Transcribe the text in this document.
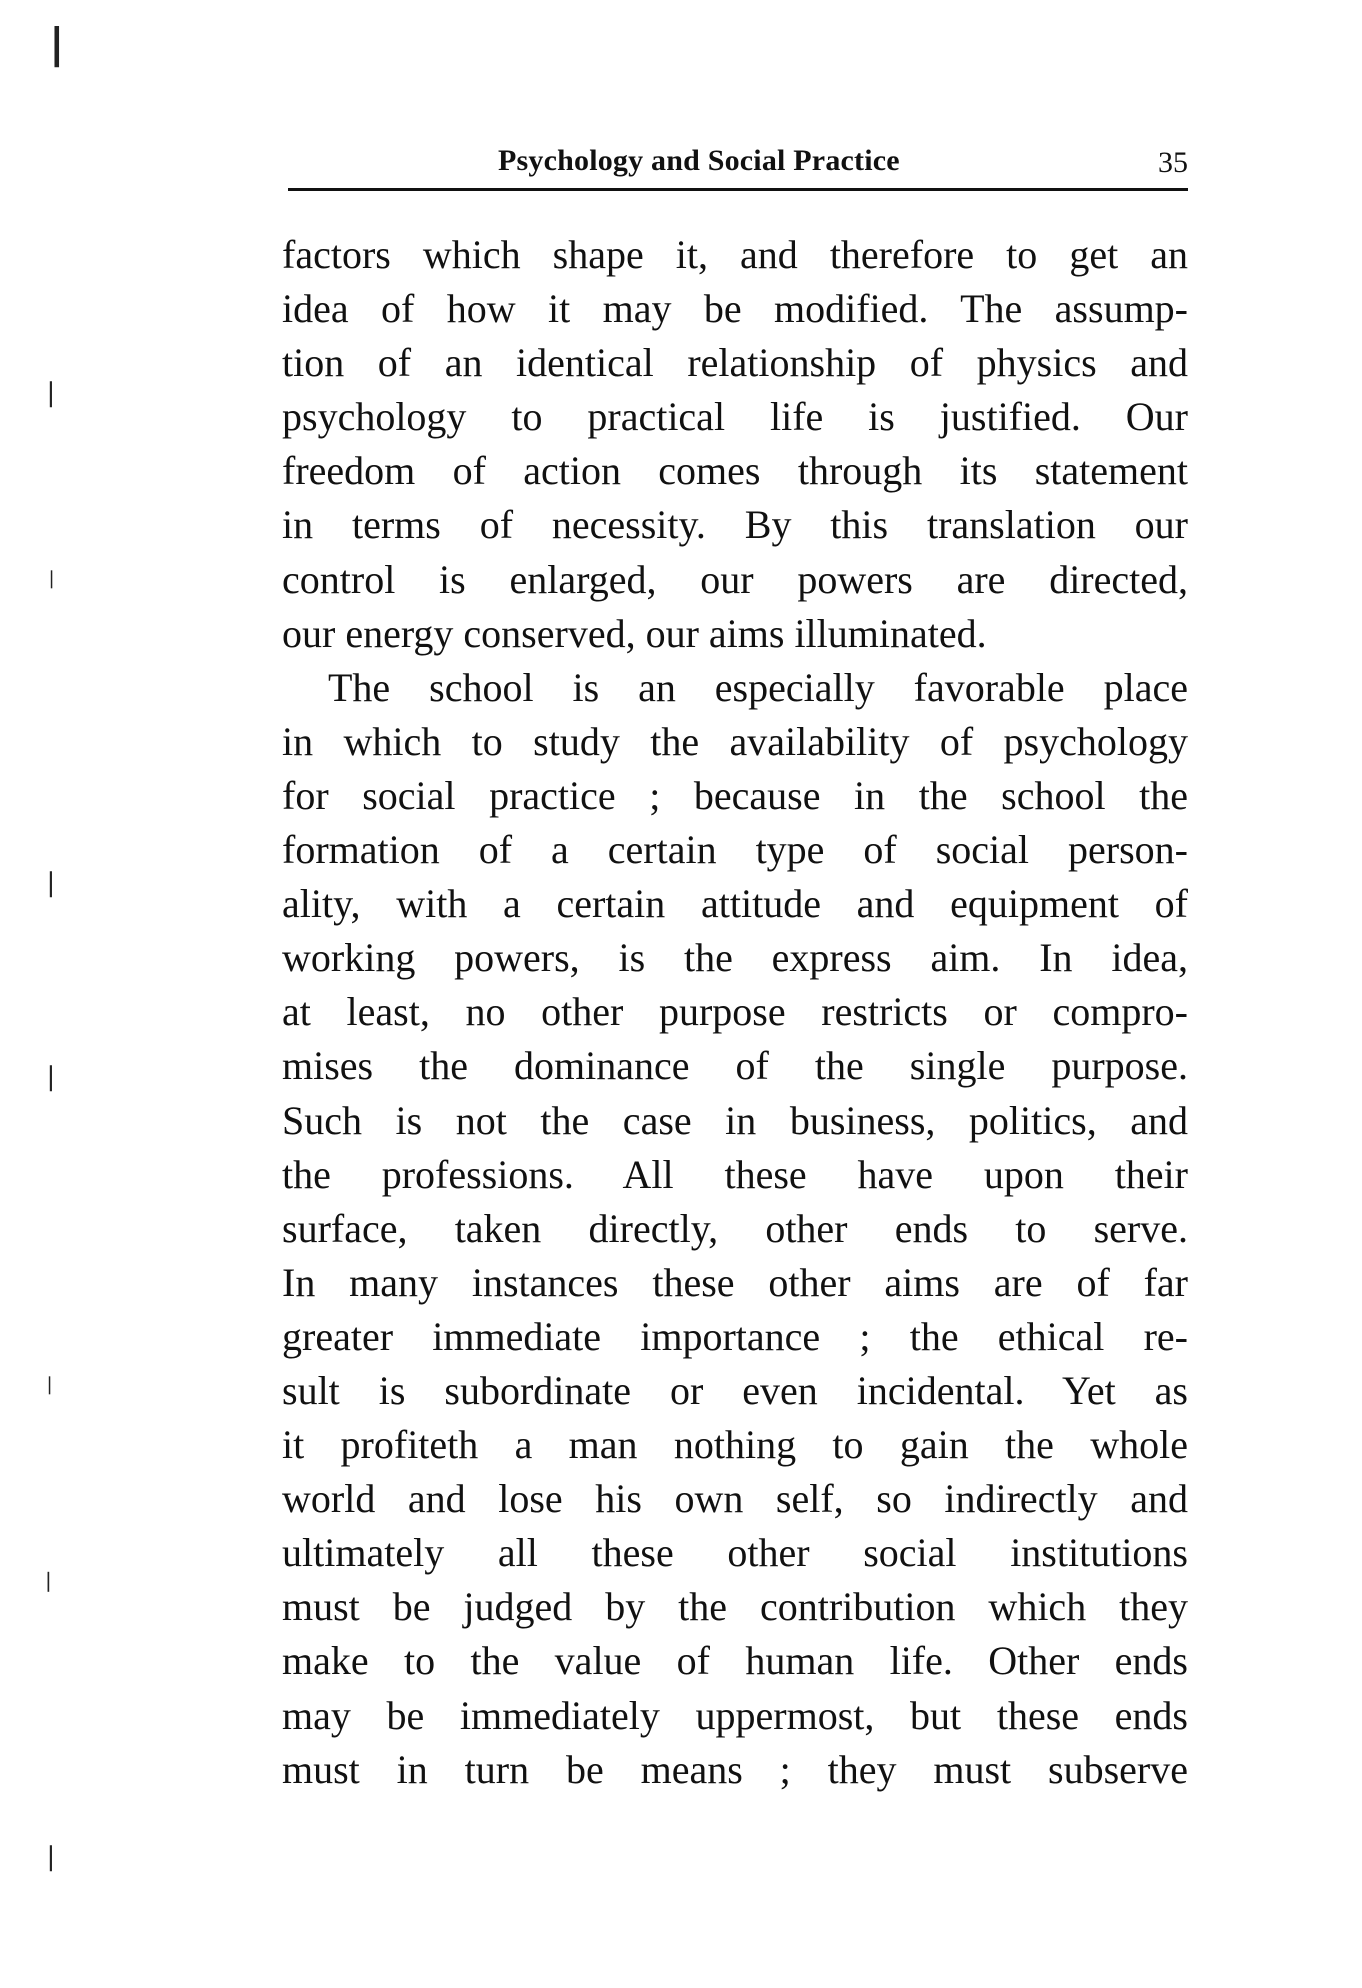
Psychology and Social Practice	35
❘
❘
❘
❘
❘
❘
❘
❘
factors which shape it, and therefore to get an
idea of how it may be modified. The assump-
tion of an identical relationship of physics and
psychology to practical life is justified. Our
freedom of action comes through its statement
in terms of necessity. By this translation our
control is enlarged, our powers are directed,
our energy conserved, our aims illuminated.
The school is an especially favorable place
in which to study the availability of psychology
for social practice ; because in the school the
formation of a certain type of social person-
ality, with a certain attitude and equipment of
working powers, is the express aim. In idea,
at least, no other purpose restricts or compro-
mises the dominance of the single purpose.
Such is not the case in business, politics, and
the professions. All these have upon their
surface, taken directly, other ends to serve.
In many instances these other aims are of far
greater immediate importance ; the ethical re-
sult is subordinate or even incidental. Yet as
it profiteth a man nothing to gain the whole
world and lose his own self, so indirectly and
ultimately all these other social institutions
must be judged by the contribution which they
make to the value of human life. Other ends
may be immediately uppermost, but these ends
must in turn be means ; they must subserve
